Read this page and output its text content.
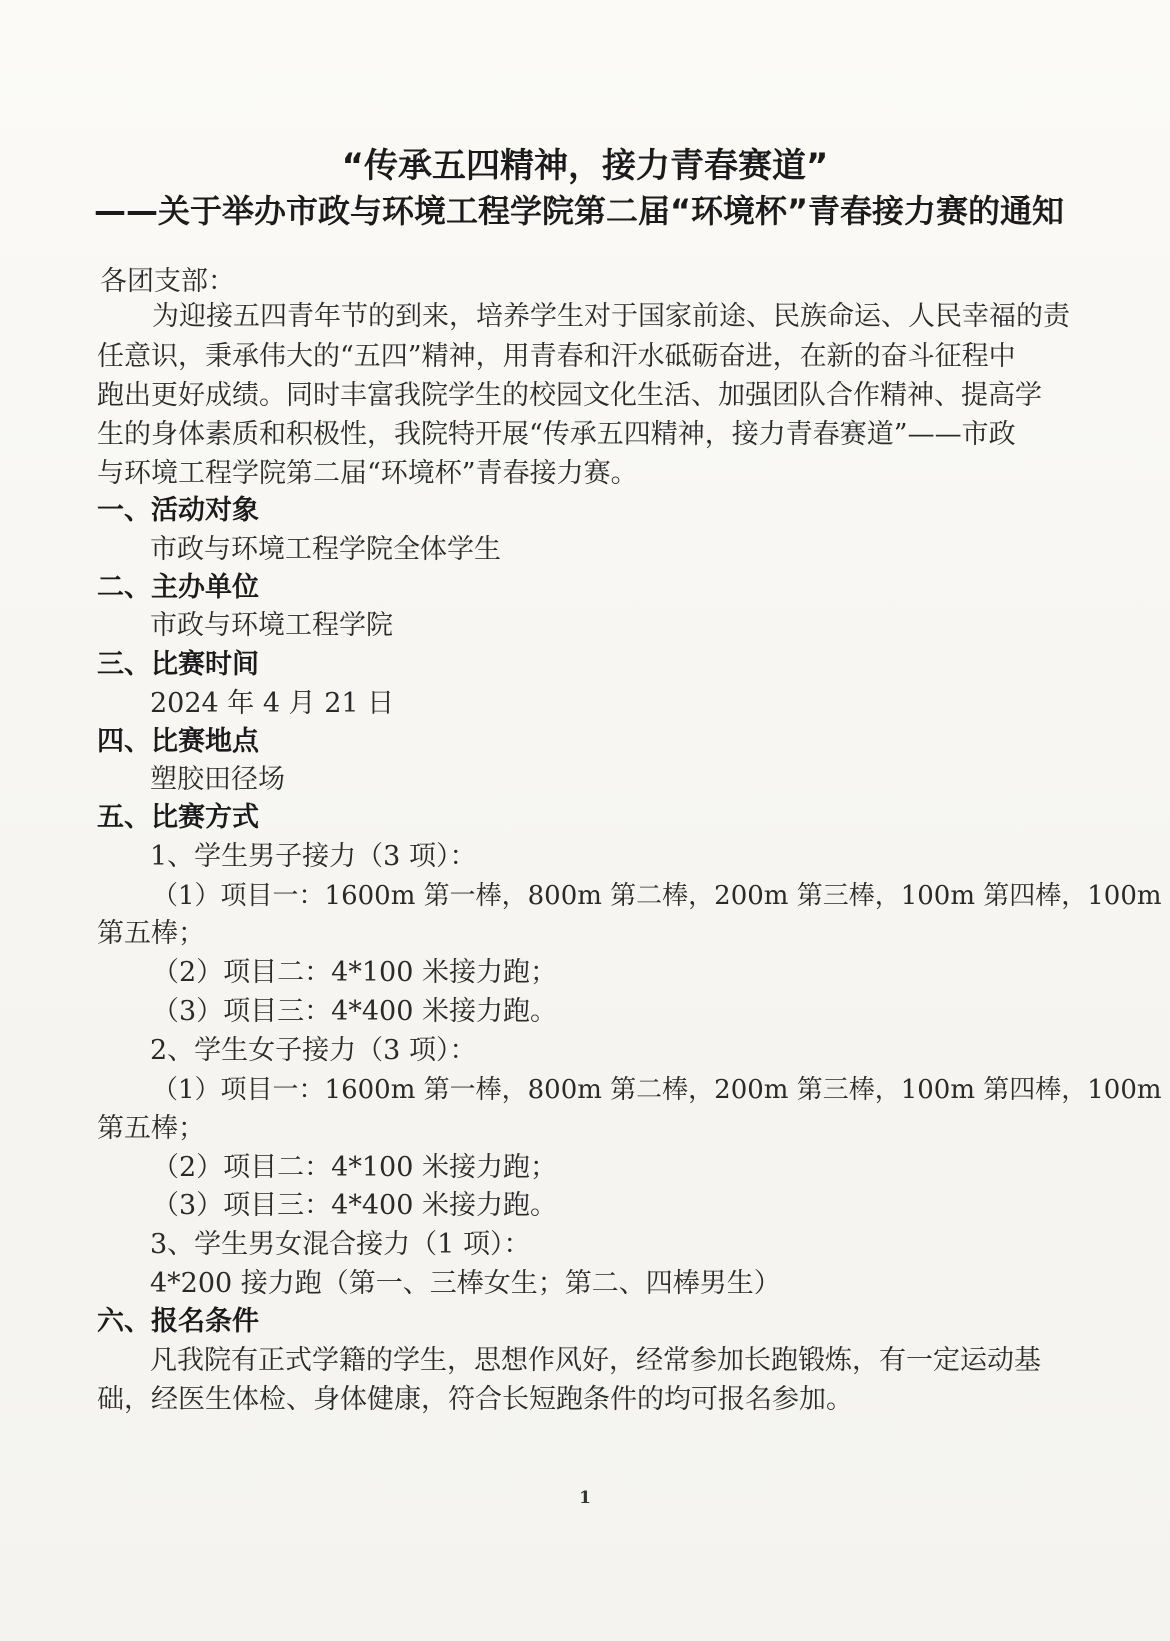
“传承五四精神，接力青春赛道”
——关于举办市政与环境工程学院第二届“环境杯”青春接力赛的通知
各团支部：
为迎接五四青年节的到来，培养学生对于国家前途、民族命运、人民幸福的责
任意识，秉承伟大的“五四”精神，用青春和汗水砥砺奋进，在新的奋斗征程中
跑出更好成绩。同时丰富我院学生的校园文化生活、加强团队合作精神、提高学
生的身体素质和积极性，我院特开展“传承五四精神，接力青春赛道”——市政
与环境工程学院第二届“环境杯”青春接力赛。
一、活动对象
市政与环境工程学院全体学生
二、主办单位
市政与环境工程学院
三、比赛时间
2024 年 4 月 21 日
四、比赛地点
塑胶田径场
五、比赛方式
1、学生男子接力（3 项）：
（1）项目一：1600m 第一棒，800m 第二棒，200m 第三棒，100m 第四棒，100m
第五棒；
（2）项目二：4*100 米接力跑；
（3）项目三：4*400 米接力跑。
2、学生女子接力（3 项）：
（1）项目一：1600m 第一棒，800m 第二棒，200m 第三棒，100m 第四棒，100m
第五棒；
（2）项目二：4*100 米接力跑；
（3）项目三：4*400 米接力跑。
3、学生男女混合接力（1 项）：
4*200 接力跑（第一、三棒女生；第二、四棒男生）
六、报名条件
凡我院有正式学籍的学生，思想作风好，经常参加长跑锻炼，有一定运动基
础，经医生体检、身体健康，符合长短跑条件的均可报名参加。
1
